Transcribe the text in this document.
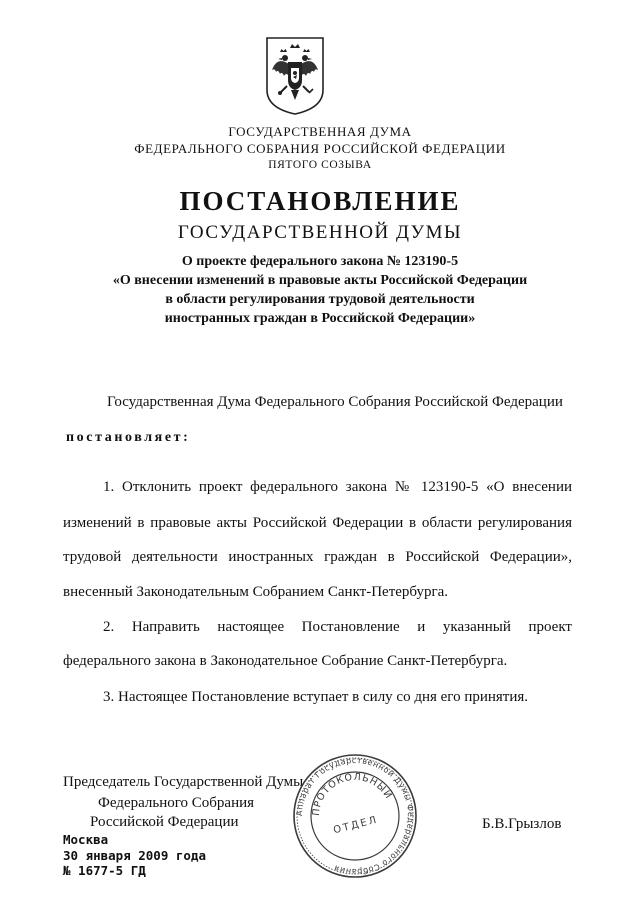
ГОСУДАРСТВЕННАЯ ДУМА
ФЕДЕРАЛЬНОГО СОБРАНИЯ РОССИЙСКОЙ ФЕДЕРАЦИИ
ПЯТОГО СОЗЫВА
ПОСТАНОВЛЕНИЕ
ГОСУДАРСТВЕННОЙ ДУМЫ
О проекте федерального закона № 123190-5
«О внесении изменений в правовые акты Российской Федерации
в области регулирования трудовой деятельности
иностранных граждан в Российской Федерации»
Государственная Дума Федерального Собрания Российской Федерации
постановляет:
1. Отклонить проект федерального закона № 123190-5 «О внесении
изменений в правовые акты Российской Федерации в области регулирования
трудовой деятельности иностранных граждан в Российской Федерации»,
внесенный Законодательным Собранием Санкт-Петербурга.
2. Направить настоящее Постановление и указанный проект
федерального закона в Законодательное Собрание Санкт-Петербурга.
3. Настоящее Постановление вступает в силу со дня его принятия.
Председатель Государственной Думы
Федерального Собрания
Российской Федерации	Б.В.Грызлов
Москва
30 января 2009 года
№ 1677-5 ГД
Аппарат Государственной Думы Федерального Собрания
ПРОТОКОЛЬНЫЙ
ОТДЕЛ
